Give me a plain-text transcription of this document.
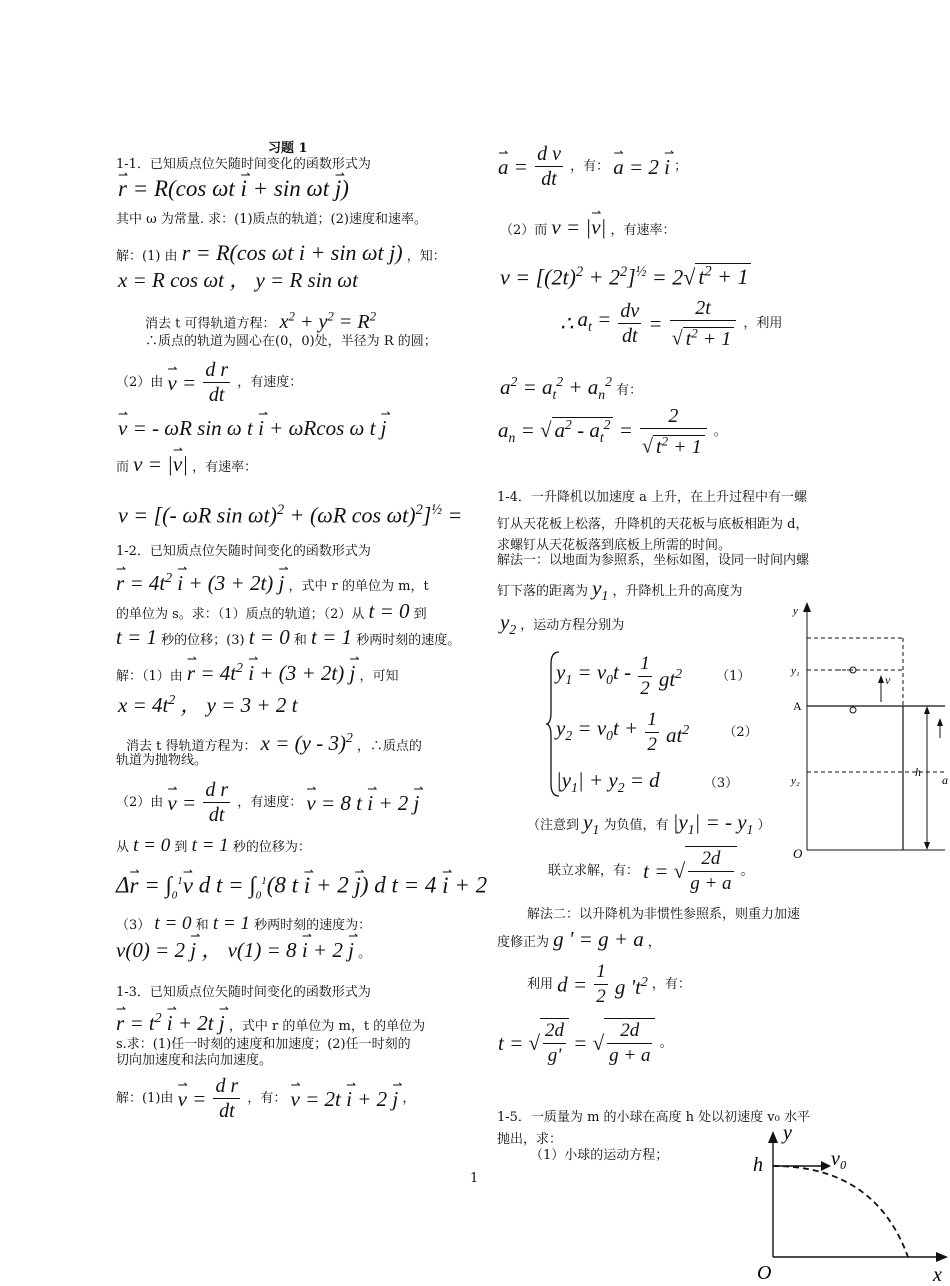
习题 1
1-1．已知质点位矢随时间变化的函数形式为
⇀ r = R(cos ωt ⇀ i + sin ωt ⇀ j)
其中 ω 为常量. 求：(1)质点的轨道；(2)速度和速率。
解：(1) 由 r = R(cos ωt i + sin ωt j) ，知：
x = R cos ωt ， y = R sin ωt
消去 t 可得轨道方程： $x^2 + y^2 = R^2$
∴质点的轨道为圆心在(0，0)处，半径为 R 的圆；
（2）由 ⇀ $v = \frac{\text{d r}}{dt}$ ，有速度：
⇀ v = - ωR sin ω t ⇀ i + ωRcos ω t ⇀ j
而 v = |⇀ v| ，有速率：
v = [(- ωR sin ωt)$^2$ + (ωR cos ωt)$^2$]$^{\frac{1}{2}}$ =
1-2．已知质点位矢随时间变化的函数形式为
⇀ $r = 4t^2$ ⇀ i + (3 + 2t) ⇀ j ，式中 r 的单位为 m，t
的单位为 s。求：（1）质点的轨道；（2）从 t = 0 到
t = 1 秒的位移；(3) t = 0 和 t = 1 秒两时刻的速度。
解：（1）由 ⇀ $r = 4t^2$ ⇀ i + (3 + 2t) ⇀ j ，可知
$x = 4t^2$ ， y = 3 + 2 t
消去 t 得轨道方程为： x = (y - 3)$^2$ ，∴质点的
轨道为抛物线。
（2）由 ⇀ $v = \frac{\text{d r}}{dt}$ ，有速度： ⇀ v = 8 t ⇀ i + 2 ⇀ j
从 t = 0 到 t = 1 秒的位移为：
Δ⇀ $r = \int_0^1⇀$ v d $t = \int_0^1(8$ t ⇀ i + 2 ⇀ j) d t = 4 ⇀ i + 2
（3） t = 0 和 t = 1 秒两时刻的速度为：
v(0) = 2 ⇀ j ， v(1) = 8 ⇀ i + 2 ⇀ j 。
1-3．已知质点位矢随时间变化的函数形式为
⇀ $r = t^2$ ⇀ i + 2t ⇀ j ，式中 r 的单位为 m，t 的单位为
s.求：(1)任一时刻的速度和加速度；(2)任一时刻的
切向加速度和法向加速度。
解：(1)由 ⇀ $v = \frac{\text{d r}}{dt}$ ，有： ⇀ v = 2t ⇀ i + 2 ⇀ j ，
⇀ $a = \frac{\text{d v}}{dt}$ ，有： ⇀ a = 2 ⇀ i ；
（2）而 v = |⇀ v| ，有速率：
$v = [(2t)^2 + 2^2]^{\frac{1}{2}} = 2√$ $t^2 + 1$
∴ $a_t = \frac{dv}{dt} = \frac{2t}{√ t^2 + 1}$ ，利用
$a^2 = a_t^2 + a_n^2$ 有：
$a_n$ = √ $a^2 - a_t^2 = \frac{2}{√ t^2 + 1}$ 。
1-4．一升降机以加速度 a 上升，在上升过程中有一螺
钉从天花板上松落，升降机的天花板与底板相距为 d，
求螺钉从天花板落到底板上所需的时间。
解法一：以地面为参照系，坐标如图，设同一时间内螺
钉下落的距离为 $y_1$ ，升降机上升的高度为
$y_2$ ，运动方程分别为
$y_1 = v_0t - \frac{1}{2} gt^2$	（1）
$y_2 = v_0t + \frac{1}{2} at^2$	（2）
$|y_1| + y_2 = d$	（3）
（注意到 $y_1$ 为负值，有 $|y_1|$ = - $y_1$ ）
联立求解，有： t = √ $\frac{2d}{g + a}$ 。
解法二：以升降机为非惯性参照系，则重力加速
度修正为 g ' = g + a ，
利用 $d = \frac{1}{2}$ g '$t^2$ ，有：
t = √ $\frac{2d}{g'}$ = √ $\frac{2d}{g + a}$ 。
y
y₁
A
y₂
O
h
a
v
1-5．一质量为 m 的小球在高度 h 处以初速度 v₀ 水平
抛出，求：
（1）小球的运动方程；
y
h	v₀
O	x
1
